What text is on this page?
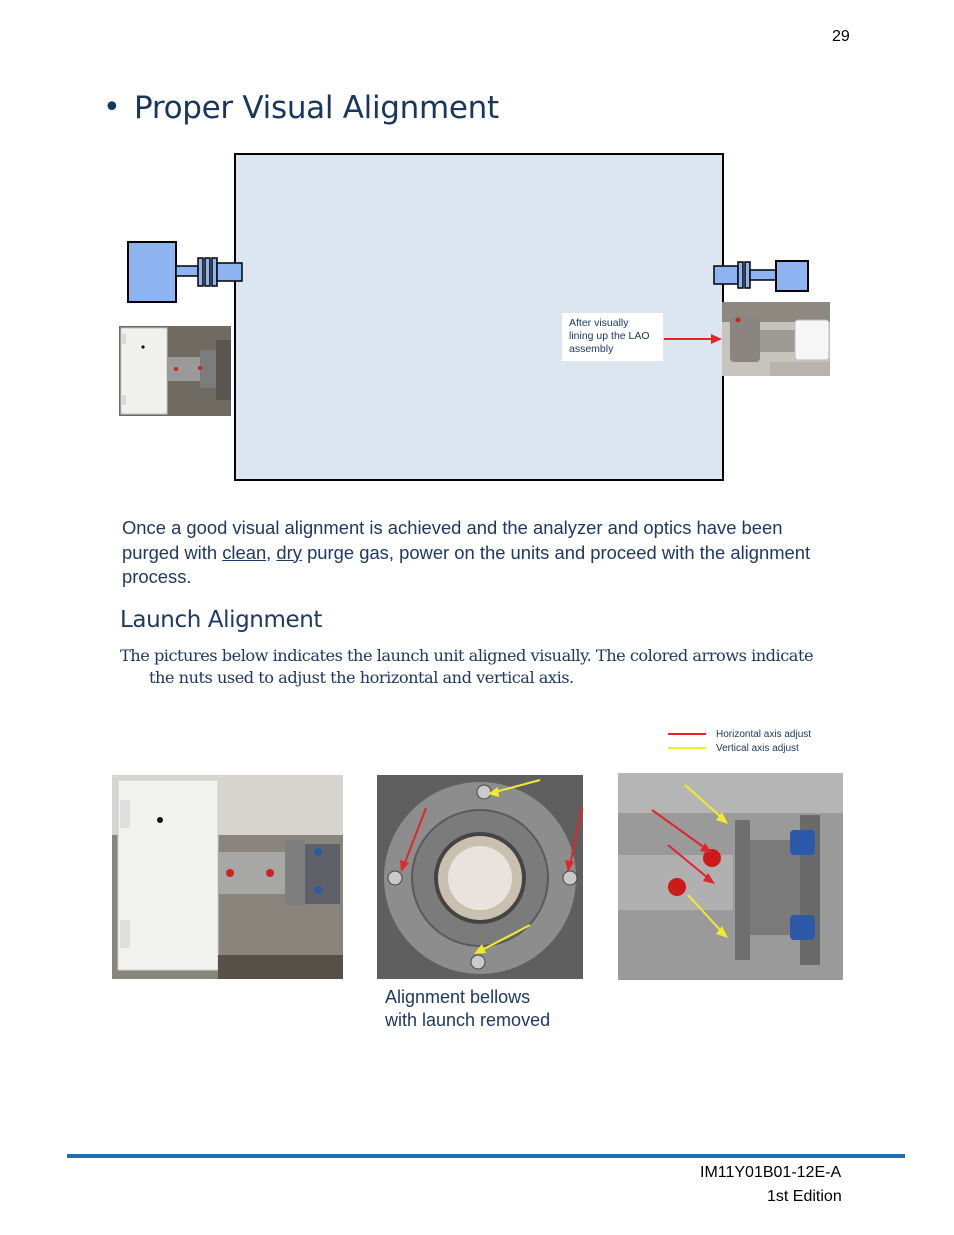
29
• Proper Visual Alignment
After visually
lining up the LAO
assembly
Once a good visual alignment is achieved and the analyzer and optics have been purged with clean, dry purge gas, power on the units and proceed with the alignment process.
Launch Alignment
The pictures below indicates the launch unit aligned visually. The colored arrows indicate
the nuts used to adjust the horizontal and vertical axis.
Horizontal axis adjust
Vertical axis adjust
Alignment bellows
with launch removed
IM11Y01B01-12E-A
1st Edition
